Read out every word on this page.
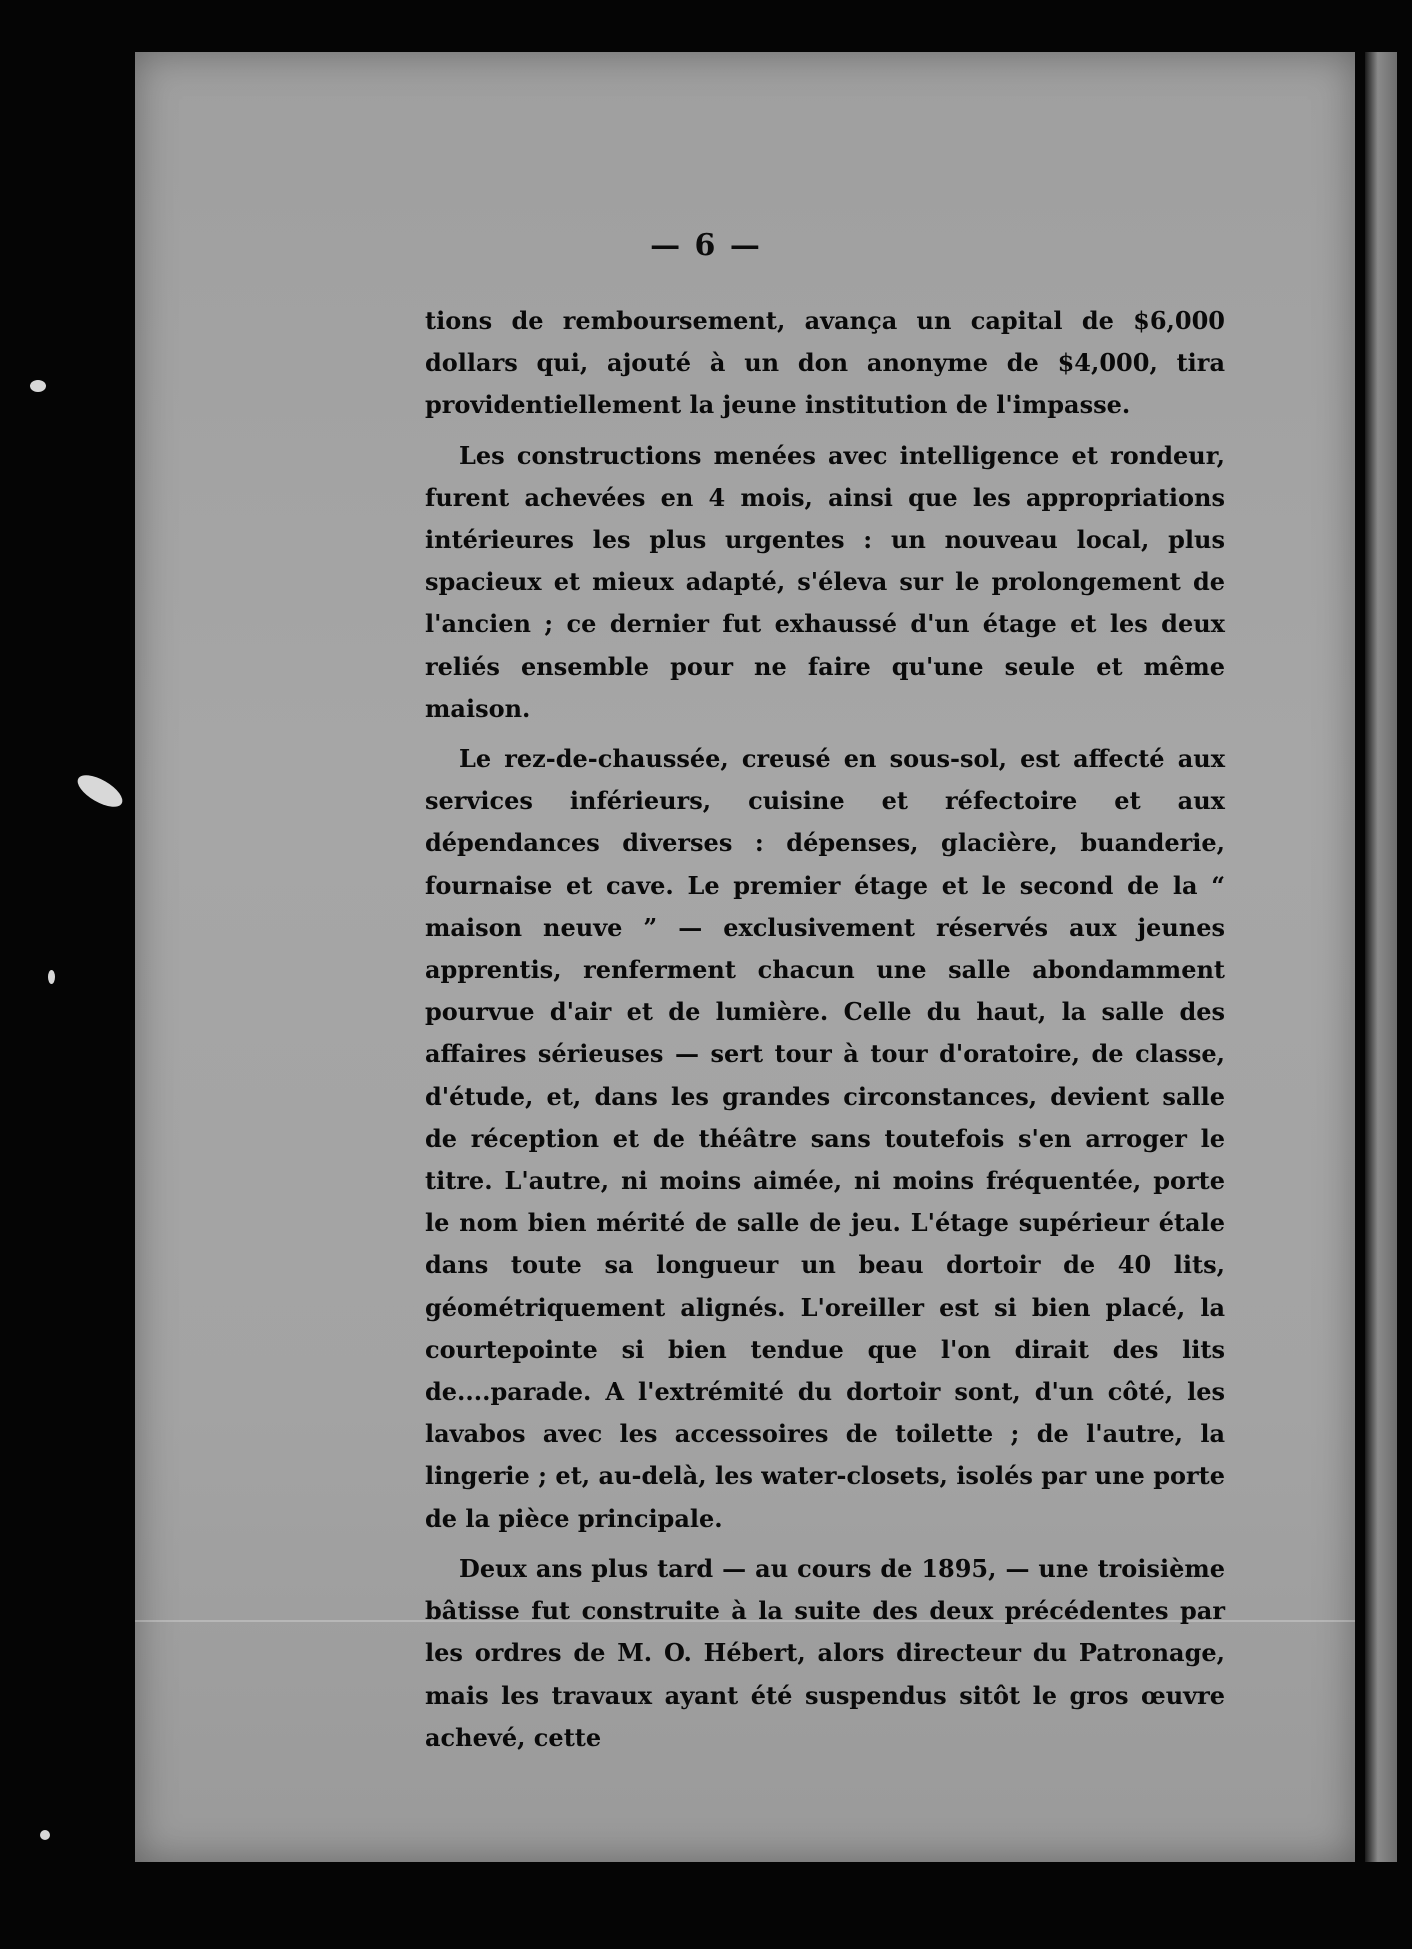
— 6 —

tions de remboursement, avança un capital de $6,000 dollars qui, ajouté à un don anonyme de $4,000, tira providentiellement la jeune institution de l'impasse.

Les constructions menées avec intelligence et rondeur, furent achevées en 4 mois, ainsi que les appropriations intérieures les plus urgentes : un nouveau local, plus spacieux et mieux adapté, s'éleva sur le prolongement de l'ancien ; ce dernier fut exhaussé d'un étage et les deux reliés ensemble pour ne faire qu'une seule et même maison.

Le rez-de-chaussée, creusé en sous-sol, est affecté aux services inférieurs, cuisine et réfectoire et aux dépendances diverses : dépenses, glacière, buanderie, fournaise et cave. Le premier étage et le second de la “ maison neuve ” — exclusivement réservés aux jeunes apprentis, renferment chacun une salle abondamment pourvue d'air et de lumière. Celle du haut, la salle des affaires sérieuses — sert tour à tour d'oratoire, de classe, d'étude, et, dans les grandes circonstances, devient salle de réception et de théâtre sans toutefois s'en arroger le titre. L'autre, ni moins aimée, ni moins fréquentée, porte le nom bien mérité de salle de jeu. L'étage supérieur étale dans toute sa longueur un beau dortoir de 40 lits, géométriquement alignés. L'oreiller est si bien placé, la courtepointe si bien tendue que l'on dirait des lits de....parade. A l'extrémité du dortoir sont, d'un côté, les lavabos avec les accessoires de toilette ; de l'autre, la lingerie ; et, au-delà, les water-closets, isolés par une porte de la pièce principale.

Deux ans plus tard — au cours de 1895, — une troisième bâtisse fut construite à la suite des deux précédentes par les ordres de M. O. Hébert, alors directeur du Patronage, mais les travaux ayant été suspendus sitôt le gros œuvre achevé, cette
